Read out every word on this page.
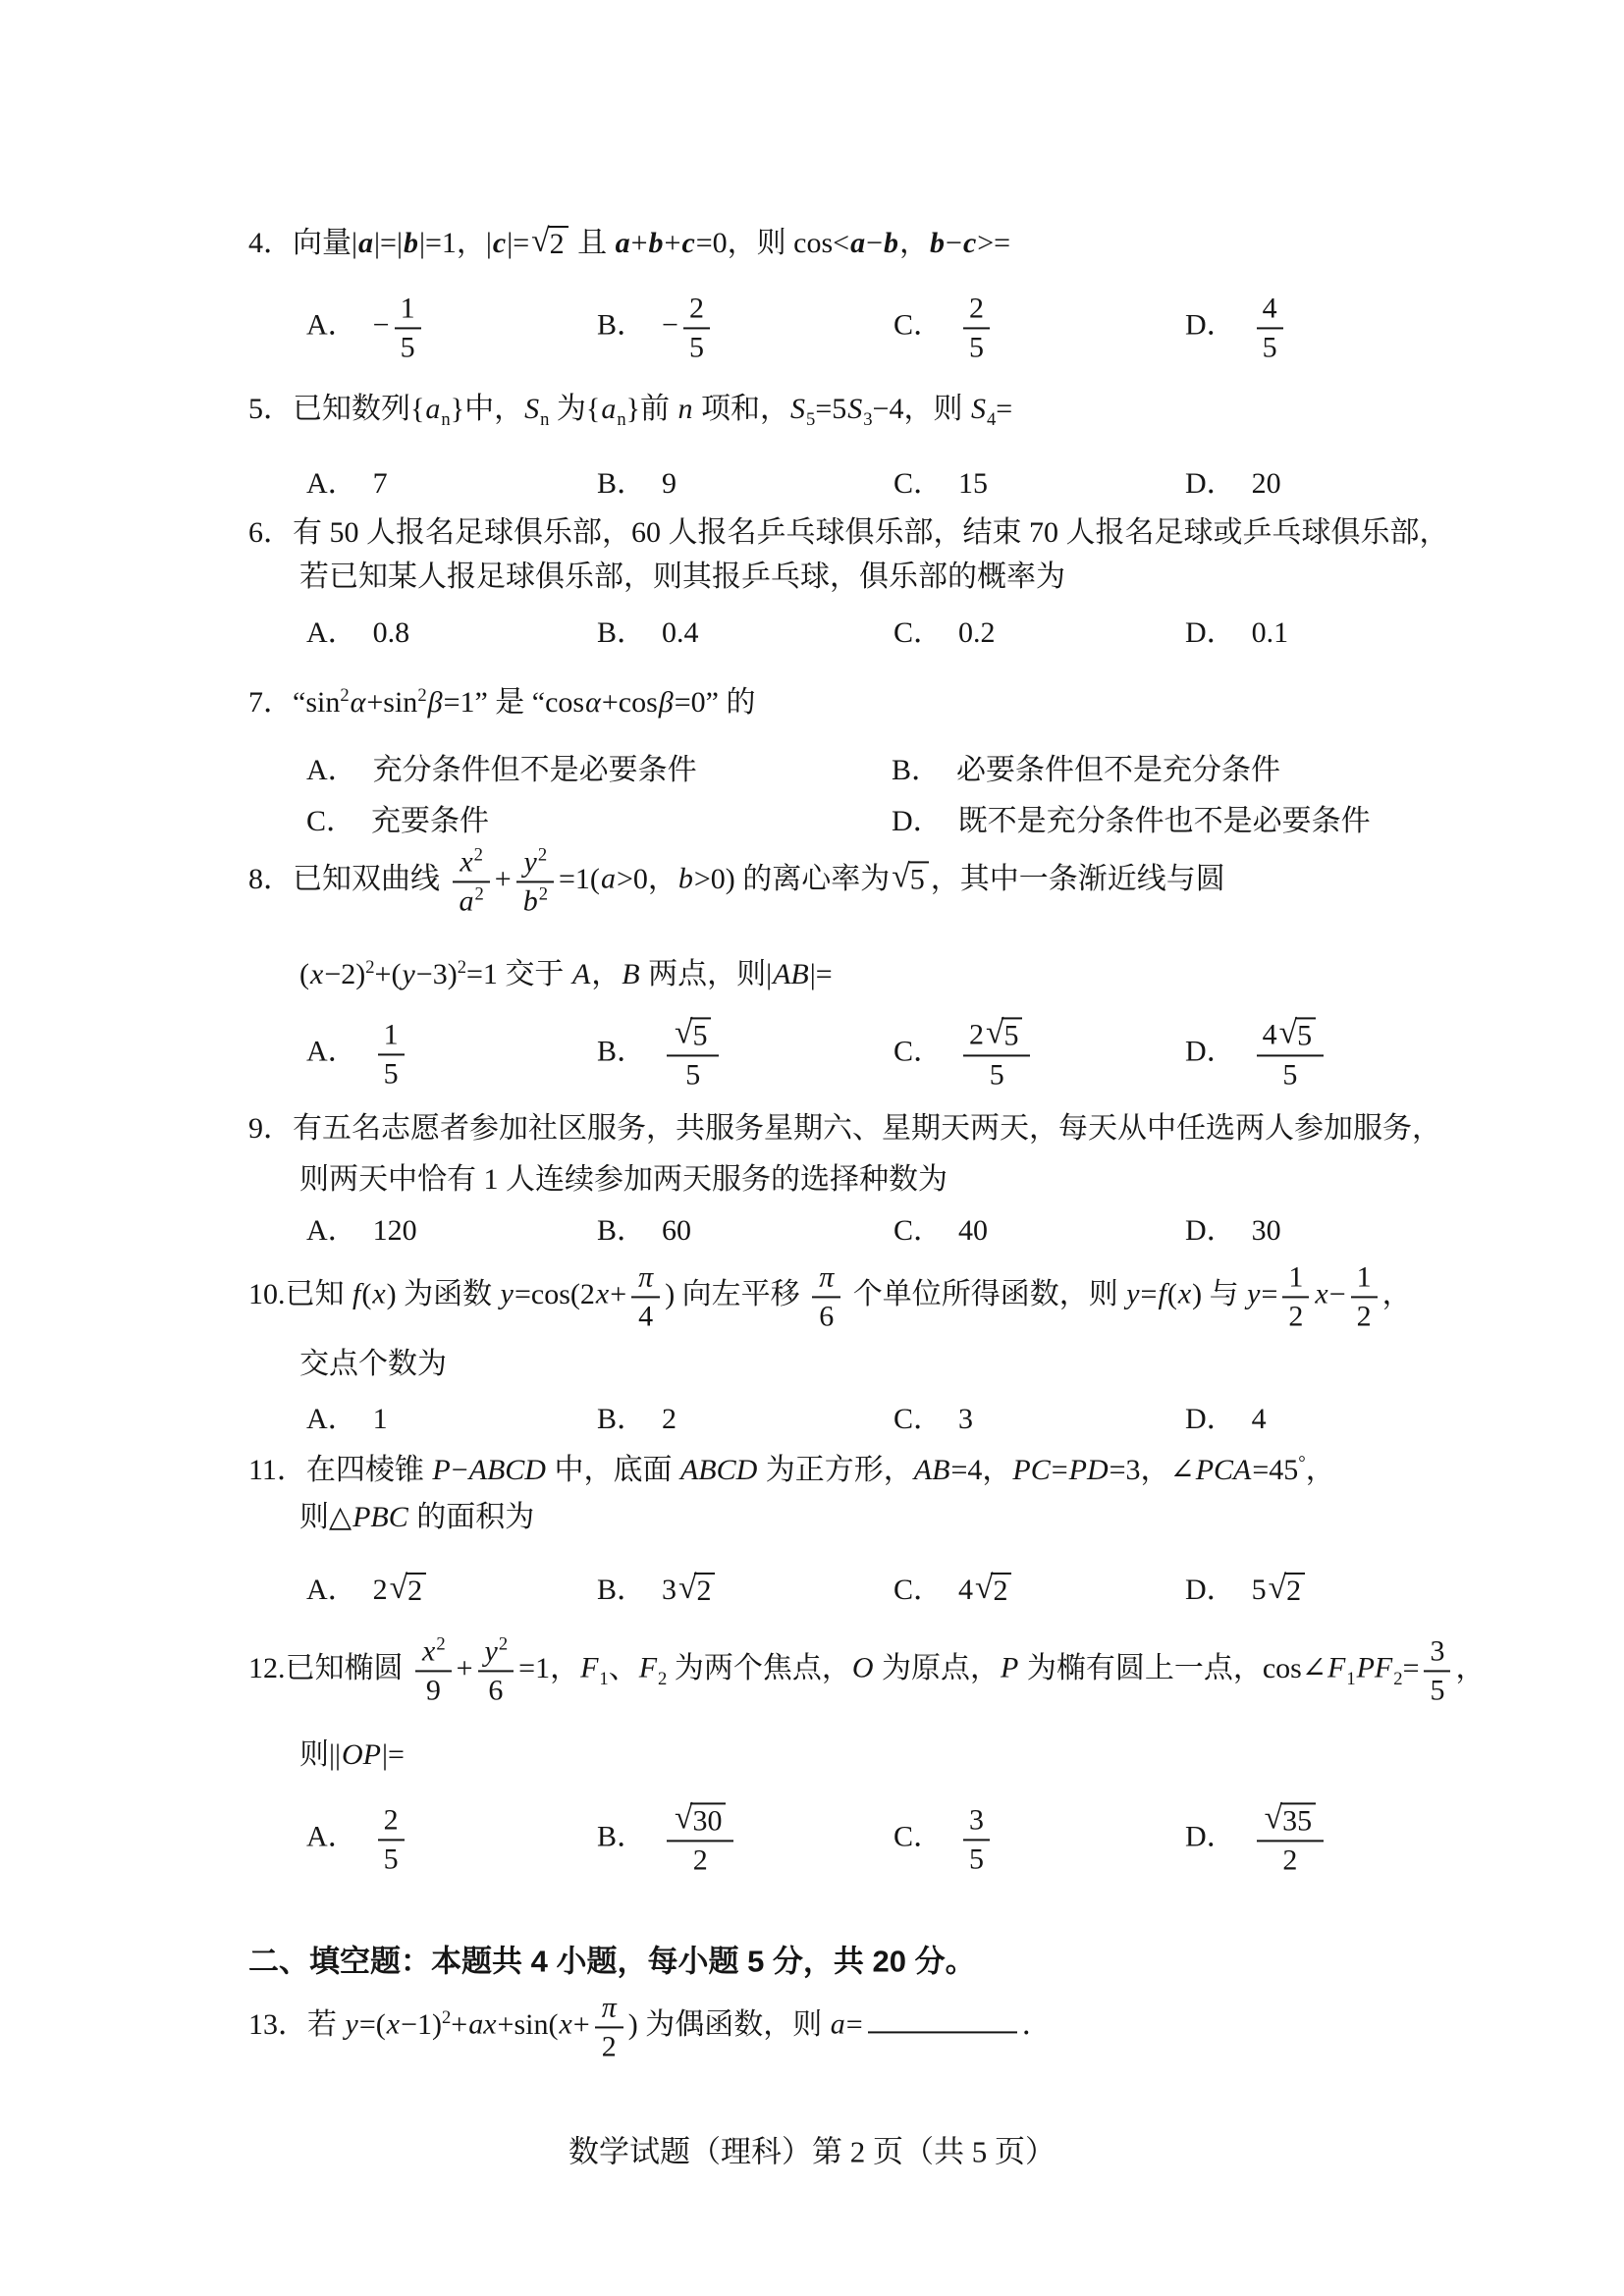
4．向量|a|=|b|=1，|c|= √ 2 且 a+b+c=0，则 cos<a−b，b−c>=
A． − $\frac{1}{5}$	B． − $\frac{2}{5}$	C． $\frac{2}{5}$	D． $\frac{4}{5}$
5．已知数列$\{a_n\}$中，$S_n$ 为$\{a_n\}$前 n 项和，$S_5=5S_3-4$，则 $S_4=$
A． 7	B． 9	C． 15	D． 20
6．有 50 人报名足球俱乐部，60 人报名乒乓球俱乐部，结束 70 人报名足球或乒乓球俱乐部，
若已知某人报足球俱乐部，则其报乒乓球，俱乐部的概率为
A． 0.8	B． 0.4	C． 0.2	D． 0.1
7．“$\sin^2\alpha+\sin^2\beta=1$” 是 “cosα+cosβ=0” 的
A． 充分条件但不是必要条件	B． 必要条件但不是充分条件
C． 充要条件	D． 既不是充分条件也不是必要条件
8．已知双曲线 $\frac{x^2}{a^2} + \frac{y^2}{b^2} =1(a>0$，b>0) 的离心率为 √ 5 ，其中一条渐近线与圆
$(x-2)^2+(y-3)^2=1$ 交于 A，B 两点，则|AB|=
A． $\frac{1}{5}$	B． $\frac{√ 5}{5}$	C． $\frac{2 √ 5}{5}$	D． $\frac{4 √ 5}{5}$
9．有五名志愿者参加社区服务，共服务星期六、星期天两天，每天从中任选两人参加服务，
则两天中恰有 1 人连续参加两天服务的选择种数为
A． 120	B． 60	C． 40	D． 30
10.已知 f(x) 为函数 $y=\cos(2x+ \frac{\pi}{4}$ ) 向左平移 $\frac{\pi}{6}$ 个单位所得函数，则 y=f(x) 与 $y= \frac{1}{2} x- \frac{1}{2}$ ，
交点个数为
A． 1	B． 2	C． 3	D． 4
11．在四棱锥 P−ABCD 中，底面 ABCD 为正方形，AB=4，PC=PD=3，∠PCA=45°，
则△PBC 的面积为
A． 2 √ 2	B． 3 √ 2	C． 4 √ 2	D． 5 √ 2
12.已知椭圆 $\frac{x^2}{9} + \frac{y^2}{6} =1$，$F_1$、$F_2$ 为两个焦点，O 为原点，P 为椭有圆上一点，$\cos\angle F_1PF_2= \frac{3}{5}$ ，
则||OP|=
A． $\frac{2}{5}$	B． $\frac{√ 30}{2}$	C． $\frac{3}{5}$	D． $\frac{√ 35}{2}$
13．若 $y=(x-1)^2+ax+\sin(x+ \frac{\pi}{2}$ ) 为偶函数，则 a=	．
二、填空题：本题共 4 小题，每小题 5 分，共 20 分。
数学试题（理科）第 2 页（共 5 页）
